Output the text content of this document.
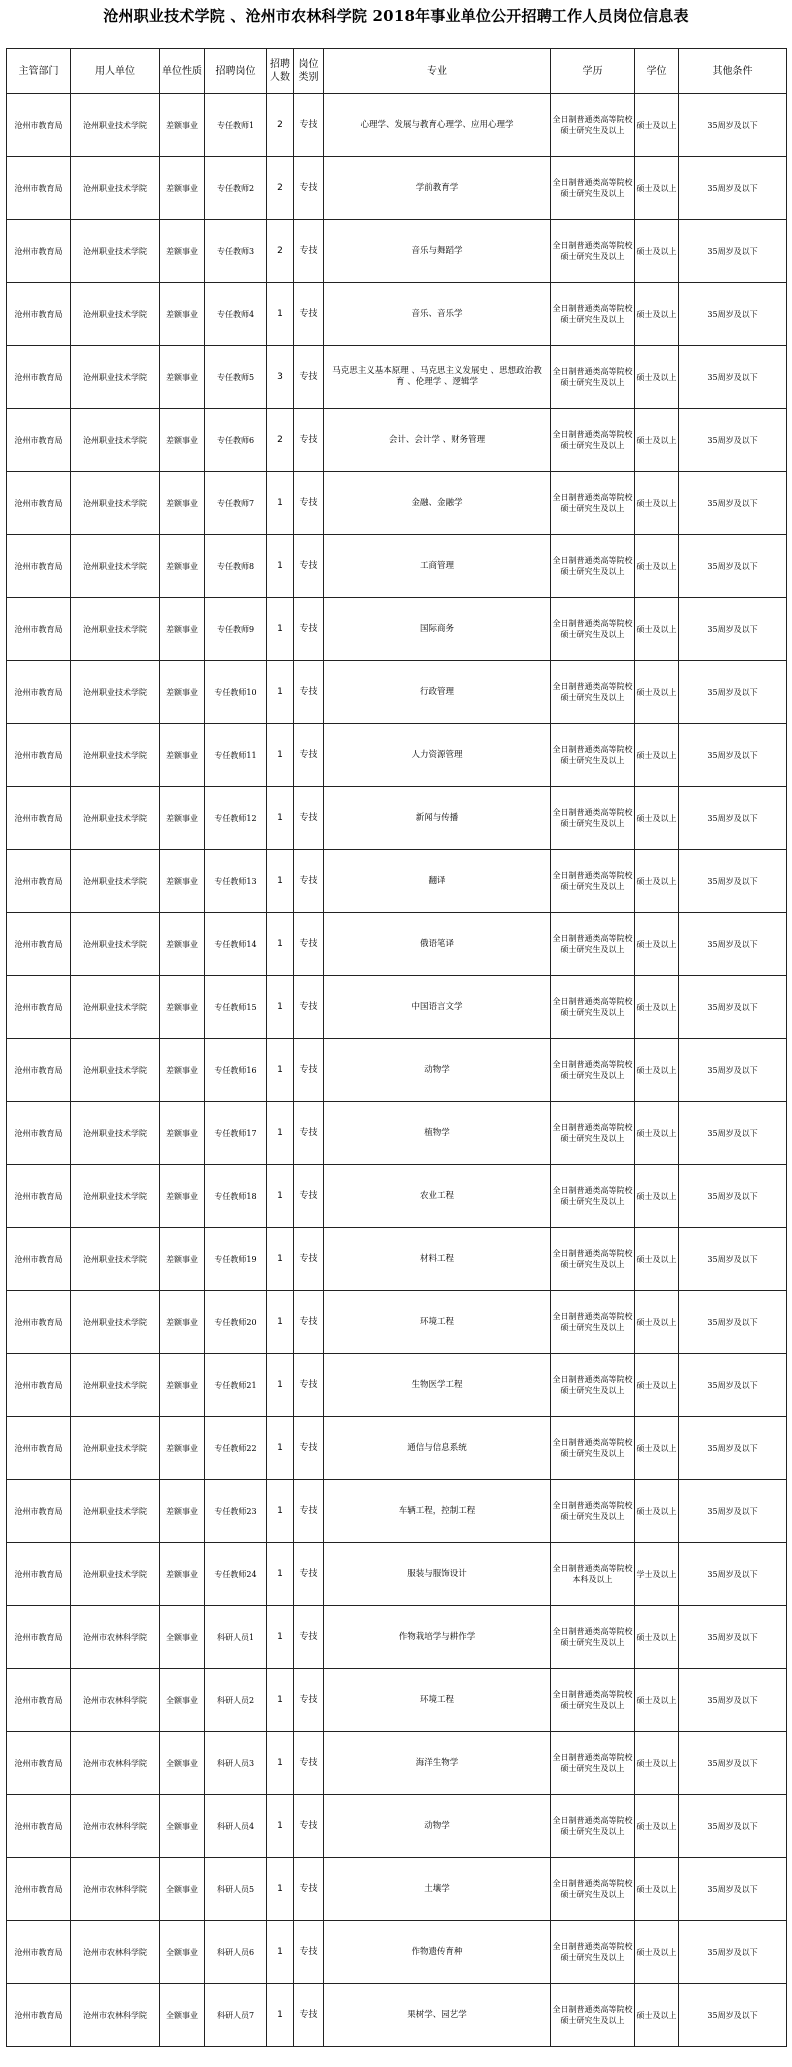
沧州职业技术学院 、沧州市农林科学院 2018年事业单位公开招聘工作人员岗位信息表
主管部门	用人单位	单位性质	招聘岗位	招聘人数	岗位类别	专业	学历	学位	其他条件
沧州市教育局	沧州职业技术学院	差额事业	专任教师1	2	专技	心理学、发展与教育心理学、应用心理学	全日制普通类高等院校硕士研究生及以上	硕士及以上	35周岁及以下
沧州市教育局	沧州职业技术学院	差额事业	专任教师2	2	专技	学前教育学	全日制普通类高等院校硕士研究生及以上	硕士及以上	35周岁及以下
沧州市教育局	沧州职业技术学院	差额事业	专任教师3	2	专技	音乐与舞蹈学	全日制普通类高等院校硕士研究生及以上	硕士及以上	35周岁及以下
沧州市教育局	沧州职业技术学院	差额事业	专任教师4	1	专技	音乐、音乐学	全日制普通类高等院校硕士研究生及以上	硕士及以上	35周岁及以下
沧州市教育局	沧州职业技术学院	差额事业	专任教师5	3	专技	马克思主义基本原理 、马克思主义发展史 、思想政治教育 、伦理学 、逻辑学	全日制普通类高等院校硕士研究生及以上	硕士及以上	35周岁及以下
沧州市教育局	沧州职业技术学院	差额事业	专任教师6	2	专技	会计、会计学 、财务管理	全日制普通类高等院校硕士研究生及以上	硕士及以上	35周岁及以下
沧州市教育局	沧州职业技术学院	差额事业	专任教师7	1	专技	金融、金融学	全日制普通类高等院校硕士研究生及以上	硕士及以上	35周岁及以下
沧州市教育局	沧州职业技术学院	差额事业	专任教师8	1	专技	工商管理	全日制普通类高等院校硕士研究生及以上	硕士及以上	35周岁及以下
沧州市教育局	沧州职业技术学院	差额事业	专任教师9	1	专技	国际商务	全日制普通类高等院校硕士研究生及以上	硕士及以上	35周岁及以下
沧州市教育局	沧州职业技术学院	差额事业	专任教师10	1	专技	行政管理	全日制普通类高等院校硕士研究生及以上	硕士及以上	35周岁及以下
沧州市教育局	沧州职业技术学院	差额事业	专任教师11	1	专技	人力资源管理	全日制普通类高等院校硕士研究生及以上	硕士及以上	35周岁及以下
沧州市教育局	沧州职业技术学院	差额事业	专任教师12	1	专技	新闻与传播	全日制普通类高等院校硕士研究生及以上	硕士及以上	35周岁及以下
沧州市教育局	沧州职业技术学院	差额事业	专任教师13	1	专技	翻译	全日制普通类高等院校硕士研究生及以上	硕士及以上	35周岁及以下
沧州市教育局	沧州职业技术学院	差额事业	专任教师14	1	专技	俄语笔译	全日制普通类高等院校硕士研究生及以上	硕士及以上	35周岁及以下
沧州市教育局	沧州职业技术学院	差额事业	专任教师15	1	专技	中国语言文学	全日制普通类高等院校硕士研究生及以上	硕士及以上	35周岁及以下
沧州市教育局	沧州职业技术学院	差额事业	专任教师16	1	专技	动物学	全日制普通类高等院校硕士研究生及以上	硕士及以上	35周岁及以下
沧州市教育局	沧州职业技术学院	差额事业	专任教师17	1	专技	植物学	全日制普通类高等院校硕士研究生及以上	硕士及以上	35周岁及以下
沧州市教育局	沧州职业技术学院	差额事业	专任教师18	1	专技	农业工程	全日制普通类高等院校硕士研究生及以上	硕士及以上	35周岁及以下
沧州市教育局	沧州职业技术学院	差额事业	专任教师19	1	专技	材料工程	全日制普通类高等院校硕士研究生及以上	硕士及以上	35周岁及以下
沧州市教育局	沧州职业技术学院	差额事业	专任教师20	1	专技	环境工程	全日制普通类高等院校硕士研究生及以上	硕士及以上	35周岁及以下
沧州市教育局	沧州职业技术学院	差额事业	专任教师21	1	专技	生物医学工程	全日制普通类高等院校硕士研究生及以上	硕士及以上	35周岁及以下
沧州市教育局	沧州职业技术学院	差额事业	专任教师22	1	专技	通信与信息系统	全日制普通类高等院校硕士研究生及以上	硕士及以上	35周岁及以下
沧州市教育局	沧州职业技术学院	差额事业	专任教师23	1	专技	车辆工程，控制工程	全日制普通类高等院校硕士研究生及以上	硕士及以上	35周岁及以下
沧州市教育局	沧州职业技术学院	差额事业	专任教师24	1	专技	服装与服饰设计	全日制普通类高等院校本科及以上	学士及以上	35周岁及以下
沧州市教育局	沧州市农林科学院	全额事业	科研人员1	1	专技	作物栽培学与耕作学	全日制普通类高等院校硕士研究生及以上	硕士及以上	35周岁及以下
沧州市教育局	沧州市农林科学院	全额事业	科研人员2	1	专技	环境工程	全日制普通类高等院校硕士研究生及以上	硕士及以上	35周岁及以下
沧州市教育局	沧州市农林科学院	全额事业	科研人员3	1	专技	海洋生物学	全日制普通类高等院校硕士研究生及以上	硕士及以上	35周岁及以下
沧州市教育局	沧州市农林科学院	全额事业	科研人员4	1	专技	动物学	全日制普通类高等院校硕士研究生及以上	硕士及以上	35周岁及以下
沧州市教育局	沧州市农林科学院	全额事业	科研人员5	1	专技	土壤学	全日制普通类高等院校硕士研究生及以上	硕士及以上	35周岁及以下
沧州市教育局	沧州市农林科学院	全额事业	科研人员6	1	专技	作物遗传育种	全日制普通类高等院校硕士研究生及以上	硕士及以上	35周岁及以下
沧州市教育局	沧州市农林科学院	全额事业	科研人员7	1	专技	果树学、园艺学	全日制普通类高等院校硕士研究生及以上	硕士及以上	35周岁及以下
